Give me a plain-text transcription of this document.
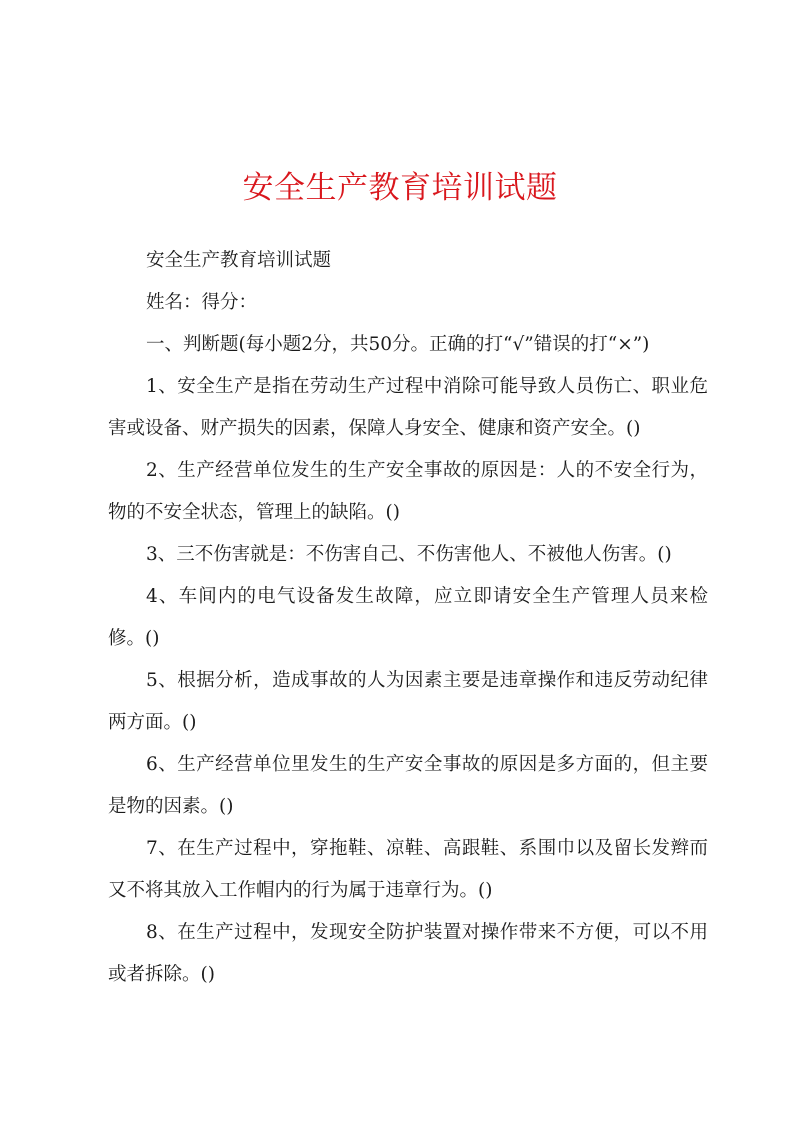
安全生产教育培训试题

安全生产教育培训试题

姓名：得分：

一、判断题(每小题2分，共50分。正确的打“√”错误的打“×”)

1、安全生产是指在劳动生产过程中消除可能导致人员伤亡、职业危害或设备、财产损失的因素，保障人身安全、健康和资产安全。()

2、生产经营单位发生的生产安全事故的原因是：人的不安全行为，物的不安全状态，管理上的缺陷。()

3、三不伤害就是：不伤害自己、不伤害他人、不被他人伤害。()

4、车间内的电气设备发生故障，应立即请安全生产管理人员来检修。()

5、根据分析，造成事故的人为因素主要是违章操作和违反劳动纪律两方面。()

6、生产经营单位里发生的生产安全事故的原因是多方面的，但主要是物的因素。()

7、在生产过程中，穿拖鞋、凉鞋、高跟鞋、系围巾以及留长发辫而又不将其放入工作帽内的行为属于违章行为。()

8、在生产过程中，发现安全防护装置对操作带来不方便，可以不用或者拆除。()
